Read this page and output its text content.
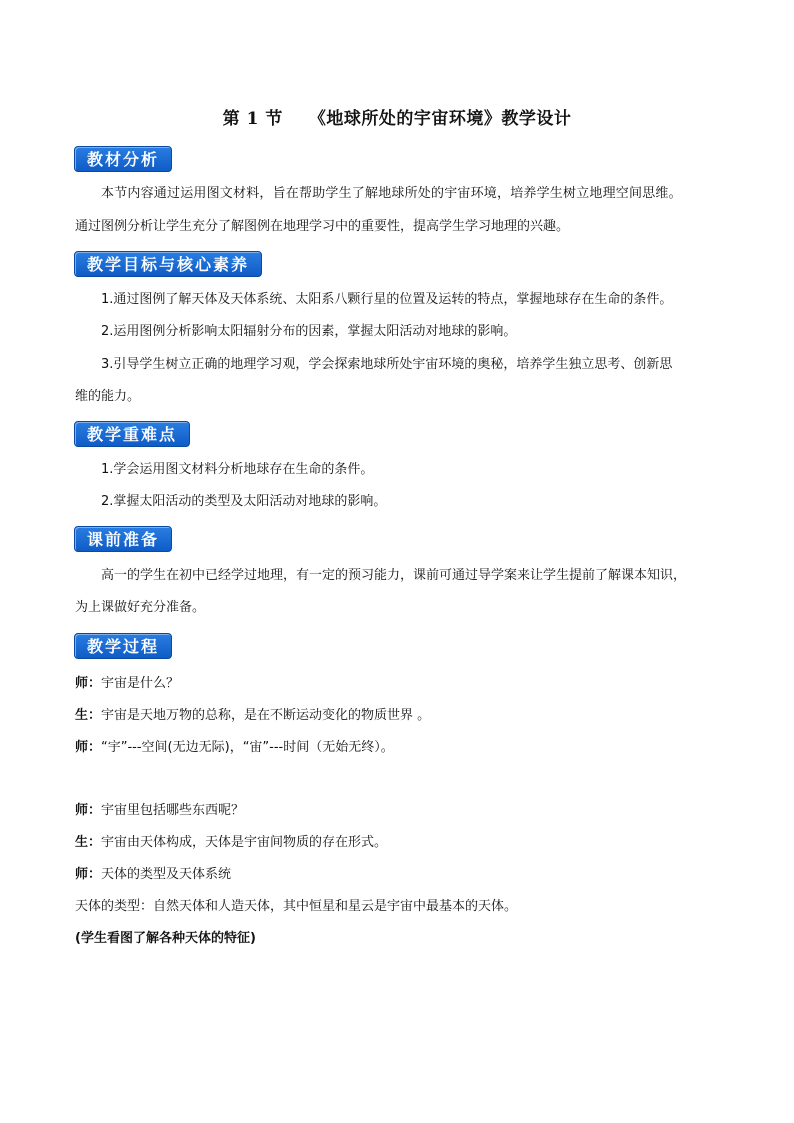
第 1 节 《地球所处的宇宙环境》教学设计
教材分析
本节内容通过运用图文材料，旨在帮助学生了解地球所处的宇宙环境，培养学生树立地理空间思维。
通过图例分析让学生充分了解图例在地理学习中的重要性，提高学生学习地理的兴趣。
教学目标与核心素养
1.通过图例了解天体及天体系统、太阳系八颗行星的位置及运转的特点，掌握地球存在生命的条件。
2.运用图例分析影响太阳辐射分布的因素，掌握太阳活动对地球的影响。
3.引导学生树立正确的地理学习观，学会探索地球所处宇宙环境的奥秘，培养学生独立思考、创新思
维的能力。
教学重难点
1.学会运用图文材料分析地球存在生命的条件。
2.掌握太阳活动的类型及太阳活动对地球的影响。
课前准备
高一的学生在初中已经学过地理，有一定的预习能力，课前可通过导学案来让学生提前了解课本知识，
为上课做好充分准备。
教学过程
师：宇宙是什么？
生：宇宙是天地万物的总称，是在不断运动变化的物质世界 。
师：“宇”---空间(无边无际)，“宙”---时间（无始无终）。
师：宇宙里包括哪些东西呢？
生：宇宙由天体构成，天体是宇宙间物质的存在形式。
师：天体的类型及天体系统
天体的类型：自然天体和人造天体，其中恒星和星云是宇宙中最基本的天体。
(学生看图了解各种天体的特征)
